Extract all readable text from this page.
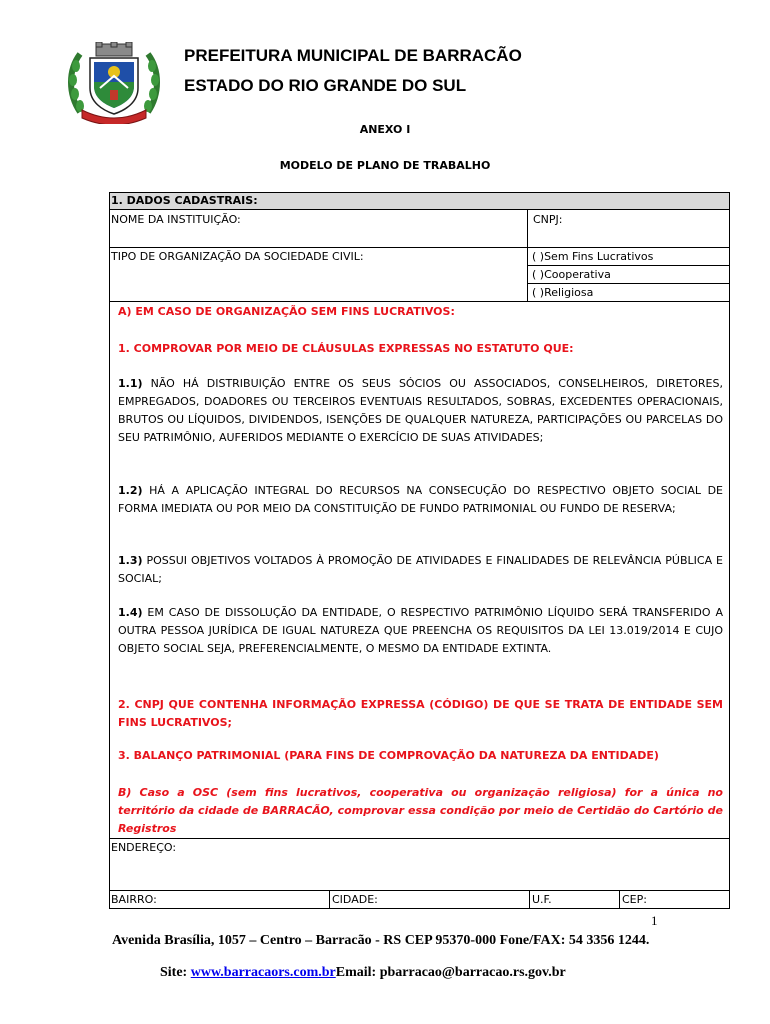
PREFEITURA MUNICIPAL DE BARRACÃO
ESTADO DO RIO GRANDE DO SUL
ANEXO I
MODELO DE PLANO DE TRABALHO
1. DADOS CADASTRAIS:
NOME DA INSTITUIÇÃO:	CNPJ:
TIPO DE ORGANIZAÇÃO DA SOCIEDADE CIVIL:	( )Sem Fins Lucrativos
( )Cooperativa
( )Religiosa
A) EM CASO DE ORGANIZAÇÃO SEM FINS LUCRATIVOS:
1. COMPROVAR POR MEIO DE CLÁUSULAS EXPRESSAS NO ESTATUTO QUE:
1.1) NÃO HÁ DISTRIBUIÇÃO ENTRE OS SEUS SÓCIOS OU ASSOCIADOS, CONSELHEIROS, DIRETORES, EMPREGADOS, DOADORES OU TERCEIROS EVENTUAIS RESULTADOS, SOBRAS, EXCEDENTES OPERACIONAIS, BRUTOS OU LÍQUIDOS, DIVIDENDOS, ISENÇÕES DE QUALQUER NATUREZA, PARTICIPAÇÕES OU PARCELAS DO SEU PATRIMÔNIO, AUFERIDOS MEDIANTE O EXERCÍCIO DE SUAS ATIVIDADES;
1.2) HÁ A APLICAÇÃO INTEGRAL DO RECURSOS NA CONSECUÇÃO DO RESPECTIVO OBJETO SOCIAL DE FORMA IMEDIATA OU POR MEIO DA CONSTITUIÇÃO DE FUNDO PATRIMONIAL OU FUNDO DE RESERVA;
1.3) POSSUI OBJETIVOS VOLTADOS À PROMOÇÃO DE ATIVIDADES E FINALIDADES DE RELEVÂNCIA PÚBLICA E SOCIAL;
1.4) EM CASO DE DISSOLUÇÃO DA ENTIDADE, O RESPECTIVO PATRIMÔNIO LÍQUIDO SERÁ TRANSFERIDO A OUTRA PESSOA JURÍDICA DE IGUAL NATUREZA QUE PREENCHA OS REQUISITOS DA LEI 13.019/2014 E CUJO OBJETO SOCIAL SEJA, PREFERENCIALMENTE, O MESMO DA ENTIDADE EXTINTA.
2. CNPJ QUE CONTENHA INFORMAÇÃO EXPRESSA (CÓDIGO) DE QUE SE TRATA DE ENTIDADE SEM FINS LUCRATIVOS;
3. BALANÇO PATRIMONIAL (PARA FINS DE COMPROVAÇÃO DA NATUREZA DA ENTIDADE)
B) Caso a OSC (sem fins lucrativos, cooperativa ou organização religiosa) for a única no território da cidade de BARRACÃO, comprovar essa condição por meio de Certidão do Cartório de Registros
ENDEREÇO:
BAIRRO:	CIDADE:	U.F.	CEP:
1
Avenida Brasília, 1057 – Centro – Barracão - RS CEP 95370-000 Fone/FAX: 54 3356 1244.
Site: www.barracaors.com.brEmail: pbarracao@barracao.rs.gov.br
